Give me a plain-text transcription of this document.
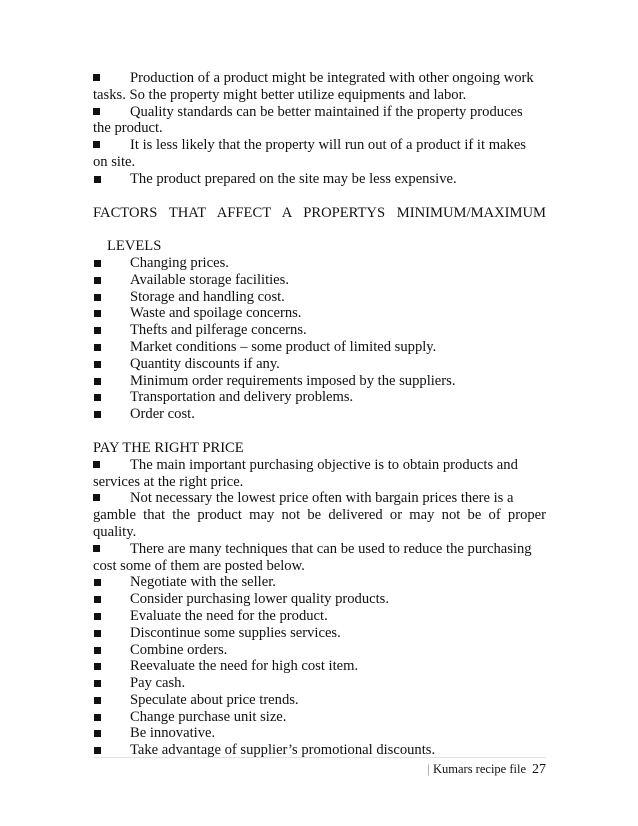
Production of a product might be integrated with other ongoing work
tasks. So the property might better utilize equipments and labor.
Quality standards can be better maintained if the property produces
the product.
It is less likely that the property will run out of a product if it makes
on site.
The product prepared on the site may be less expensive.
FACTORS THAT AFFECT A PROPERTYS MINIMUM/MAXIMUM
LEVELS
Changing prices.
Available storage facilities.
Storage and handling cost.
Waste and spoilage concerns.
Thefts and pilferage concerns.
Market conditions – some product of limited supply.
Quantity discounts if any.
Minimum order requirements imposed by the suppliers.
Transportation and delivery problems.
Order cost.
PAY THE RIGHT PRICE
The main important purchasing objective is to obtain products and
services at the right price.
Not necessary the lowest price often with bargain prices there is a
gamble that the product may not be delivered or may not be of proper quality.
There are many techniques that can be used to reduce the purchasing
cost some of them are posted below.
Negotiate with the seller.
Consider purchasing lower quality products.
Evaluate the need for the product.
Discontinue some supplies services.
Combine orders.
Reevaluate the need for high cost item.
Pay cash.
Speculate about price trends.
Change purchase unit size.
Be innovative.
Take advantage of supplier’s promotional discounts.
| Kumars recipe file 27
